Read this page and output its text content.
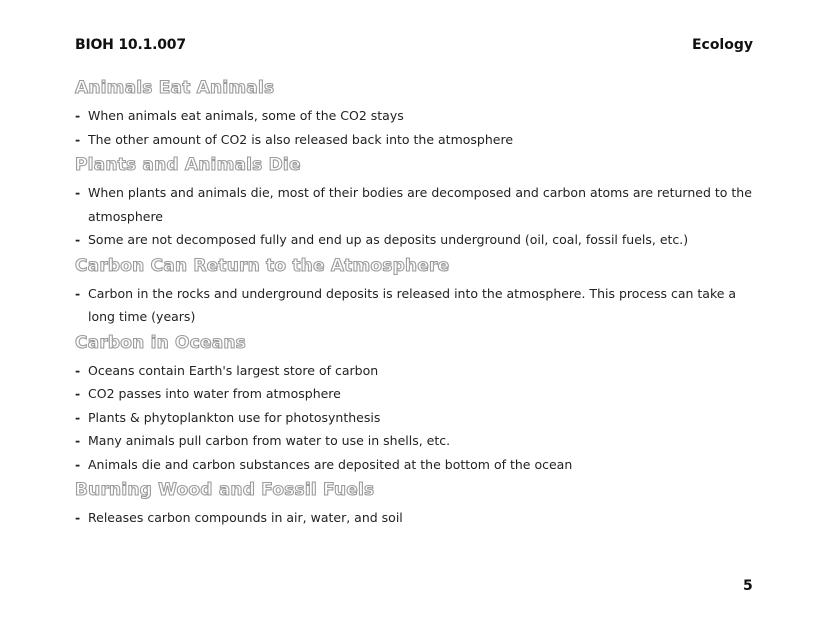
BIOH 10.1.007	Ecology
Animals Eat Animals
- When animals eat animals, some of the CO2 stays
- The other amount of CO2 is also released back into the atmosphere
Plants and Animals Die
- When plants and animals die, most of their bodies are decomposed and carbon atoms are returned to the atmosphere
- Some are not decomposed fully and end up as deposits underground (oil, coal, fossil fuels, etc.)
Carbon Can Return to the Atmosphere
- Carbon in the rocks and underground deposits is released into the atmosphere. This process can take a long time (years)
Carbon in Oceans
- Oceans contain Earth's largest store of carbon
- CO2 passes into water from atmosphere
- Plants & phytoplankton use for photosynthesis
- Many animals pull carbon from water to use in shells, etc.
- Animals die and carbon substances are deposited at the bottom of the ocean
Burning Wood and Fossil Fuels
- Releases carbon compounds in air, water, and soil
5
